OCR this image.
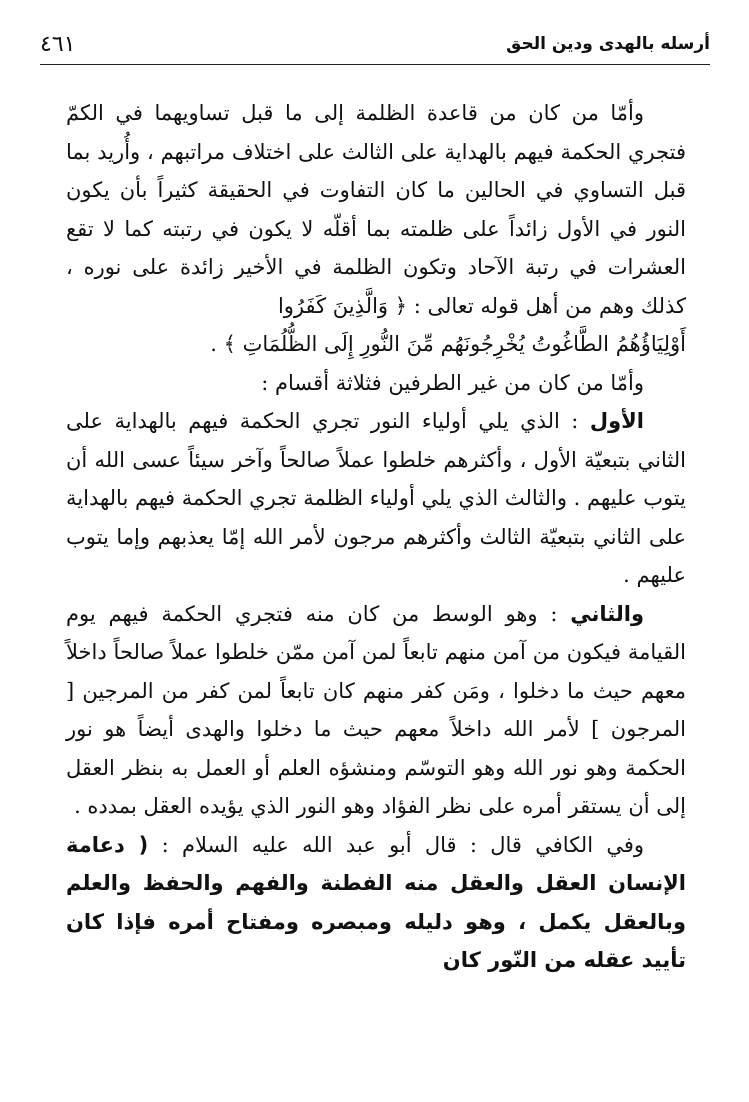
أرسله بالهدى ودين الحق
٤٦١

وأمّا من كان من قاعدة الظلمة إلى ما قبل تساويهما في الكمّ فتجري الحكمة فيهم بالهداية على الثالث على اختلاف مراتبهم ، وأُريد بما قبل التساوي في الحالين ما كان التفاوت في الحقيقة كثيراً بأن يكون النور في الأول زائداً على ظلمته بما أقلّه لا يكون في رتبته كما لا تقع العشرات في رتبة الآحاد وتكون الظلمة في الأخير زائدة على نوره ، كذلك وهم من أهل قوله تعالى : ﴿ وَالَّذِينَ كَفَرُوا

أَوْلِيَاؤُهُمُ الطَّاغُوتُ يُخْرِجُونَهُم مِّنَ النُّورِ إِلَى الظُّلُمَاتِ ﴾ .

وأمّا من كان من غير الطرفين فثلاثة أقسام :

الأول : الذي يلي أولياء النور تجري الحكمة فيهم بالهداية على الثاني بتبعيّة الأول ، وأكثرهم خلطوا عملاً صالحاً وآخر سيئاً عسى الله أن يتوب عليهم . والثالث الذي يلي أولياء الظلمة تجري الحكمة فيهم بالهداية على الثاني بتبعيّة الثالث وأكثرهم مرجون لأمر الله إمّا يعذبهم وإما يتوب عليهم .

والثاني : وهو الوسط من كان منه فتجري الحكمة فيهم يوم القيامة فيكون من آمن منهم تابعاً لمن آمن ممّن خلطوا عملاً صالحاً داخلاً معهم حيث ما دخلوا ، ومَن كفر منهم كان تابعاً لمن كفر من المرجين [ المرجون ] لأمر الله داخلاً معهم حيث ما دخلوا والهدى أيضاً هو نور الحكمة وهو نور الله وهو التوسّم ومنشؤه العلم أو العمل به بنظر العقل إلى أن يستقر أمره على نظر الفؤاد وهو النور الذي يؤيده العقل بمدده .

وفي الكافي قال : قال أبو عبد الله عليه السلام : ( دعامة الإنسان العقل والعقل منه الفطنة والفهم والحفظ والعلم وبالعقل يكمل ، وهو دليله ومبصره ومفتاح أمره فإذا كان تأييد عقله من النّور كان
